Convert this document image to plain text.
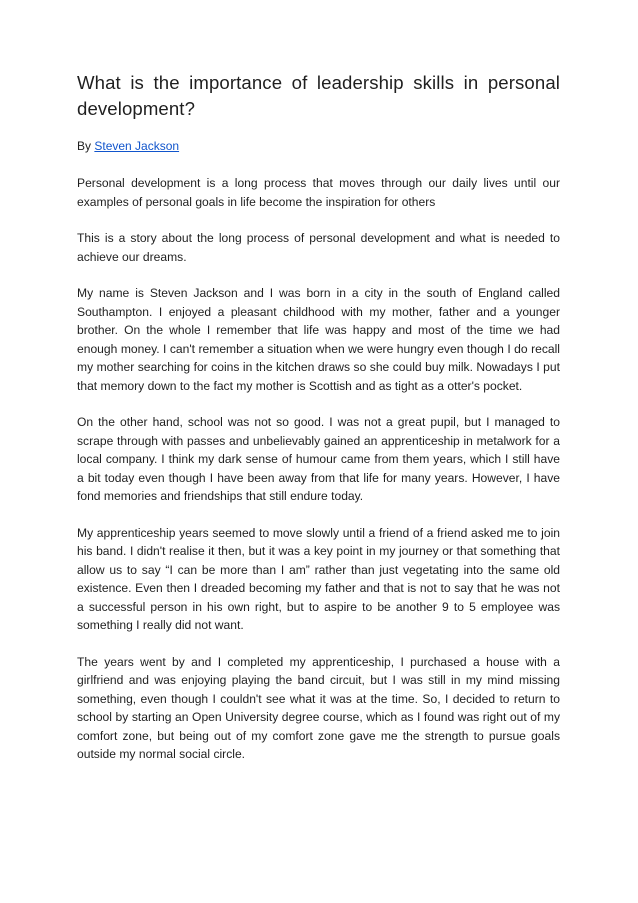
What is the importance of leadership skills in personal development?
By Steven Jackson

Personal development is a long process that moves through our daily lives until our examples of personal goals in life become the inspiration for others

This is a story about the long process of personal development and what is needed to achieve our dreams.

My name is Steven Jackson and I was born in a city in the south of England called Southampton. I enjoyed a pleasant childhood with my mother, father and a younger brother. On the whole I remember that life was happy and most of the time we had enough money. I can't remember a situation when we were hungry even though I do recall my mother searching for coins in the kitchen draws so she could buy milk. Nowadays I put that memory down to the fact my mother is Scottish and as tight as a otter's pocket.

On the other hand, school was not so good. I was not a great pupil, but I managed to scrape through with passes and unbelievably gained an apprenticeship in metalwork for a local company. I think my dark sense of humour came from them years, which I still have a bit today even though I have been away from that life for many years. However, I have fond memories and friendships that still endure today.

My apprenticeship years seemed to move slowly until a friend of a friend asked me to join his band. I didn't realise it then, but it was a key point in my journey or that something that allow us to say “I can be more than I am” rather than just vegetating into the same old existence. Even then I dreaded becoming my father and that is not to say that he was not a successful person in his own right, but to aspire to be another 9 to 5 employee was something I really did not want.

The years went by and I completed my apprenticeship, I purchased a house with a girlfriend and was enjoying playing the band circuit, but I was still in my mind missing something, even though I couldn't see what it was at the time. So, I decided to return to school by starting an Open University degree course, which as I found was right out of my comfort zone, but being out of my comfort zone gave me the strength to pursue goals outside my normal social circle.
